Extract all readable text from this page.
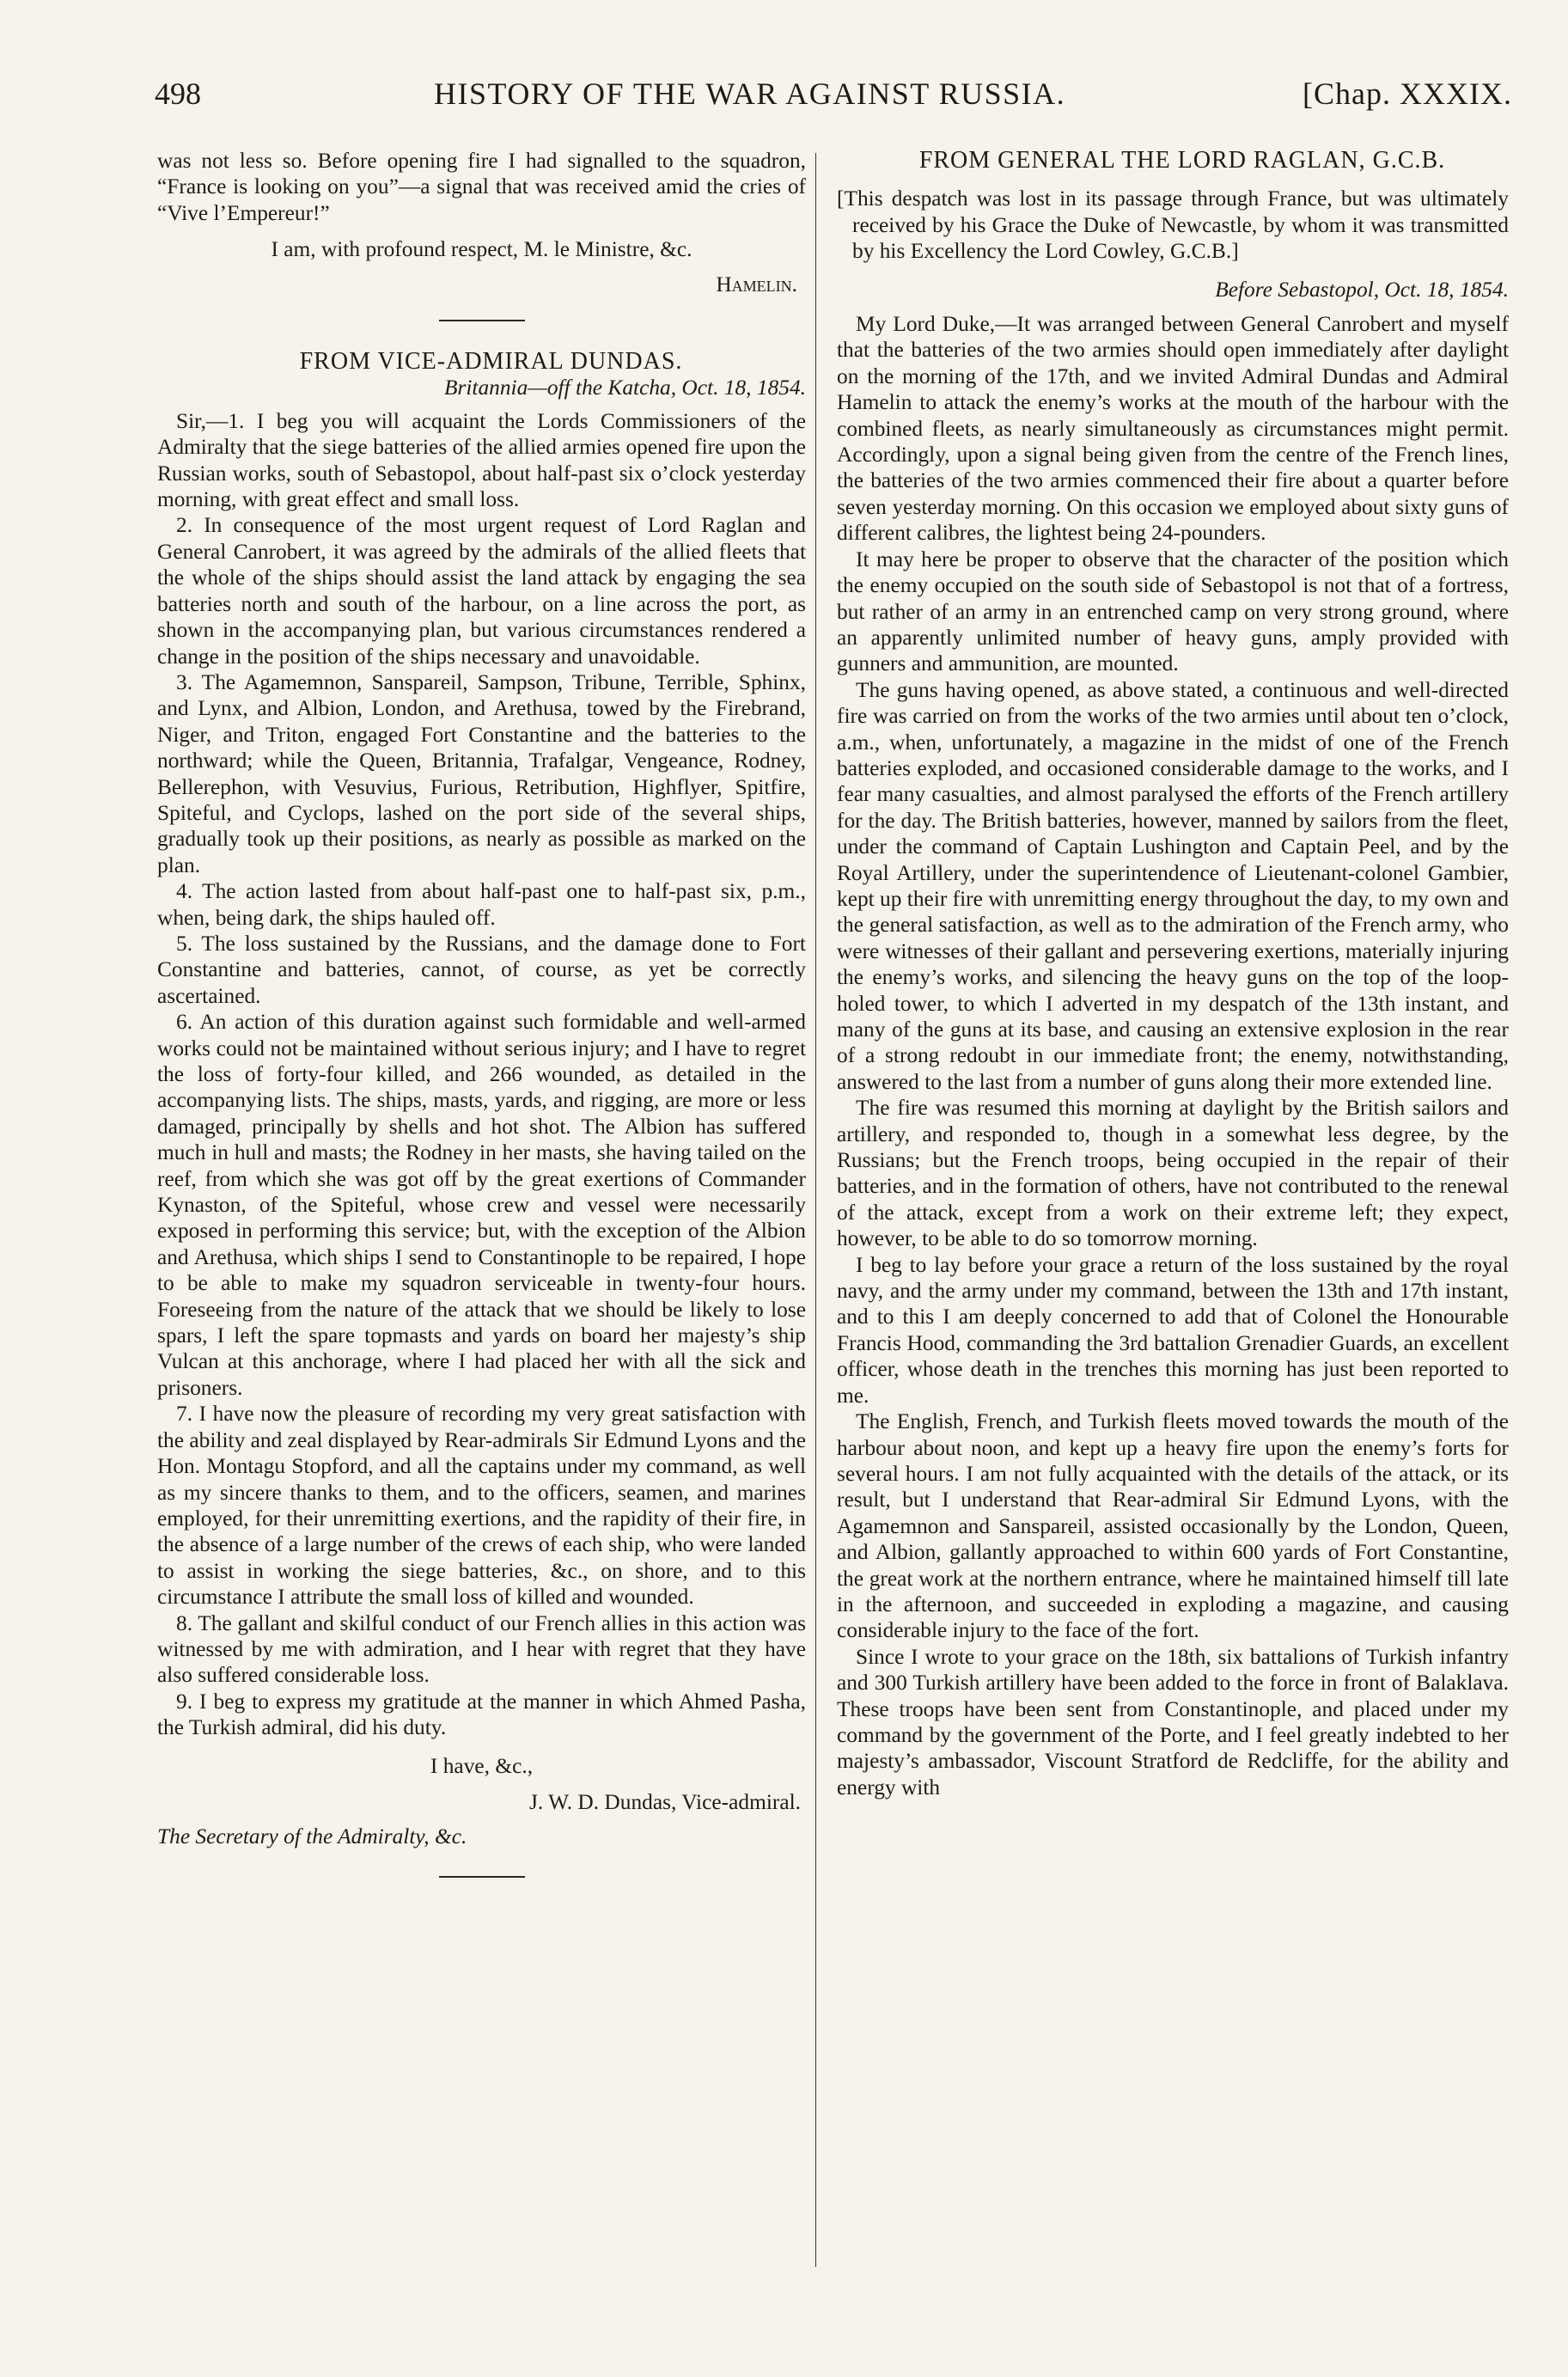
498	HISTORY OF THE WAR AGAINST RUSSIA.	[Chap. XXXIX.

was not less so. Before opening fire I had signalled to the squadron, “France is looking on you”—a signal that was received amid the cries of “Vive l’Empereur!”

I am, with profound respect, M. le Ministre, &c.

Hamelin.

FROM VICE-ADMIRAL DUNDAS.

Britannia—off the Katcha, Oct. 18, 1854.

Sir,—1. I beg you will acquaint the Lords Commissioners of the Admiralty that the siege batteries of the allied armies opened fire upon the Russian works, south of Sebastopol, about half-past six o’clock yesterday morning, with great effect and small loss.

2. In consequence of the most urgent request of Lord Raglan and General Canrobert, it was agreed by the admirals of the allied fleets that the whole of the ships should assist the land attack by engaging the sea batteries north and south of the harbour, on a line across the port, as shown in the accompanying plan, but various circumstances rendered a change in the position of the ships necessary and unavoidable.

3. The Agamemnon, Sanspareil, Sampson, Tribune, Terrible, Sphinx, and Lynx, and Albion, London, and Arethusa, towed by the Firebrand, Niger, and Triton, engaged Fort Constantine and the batteries to the northward; while the Queen, Britannia, Trafalgar, Vengeance, Rodney, Bellerephon, with Vesuvius, Furious, Retribution, Highflyer, Spitfire, Spiteful, and Cyclops, lashed on the port side of the several ships, gradually took up their positions, as nearly as possible as marked on the plan.

4. The action lasted from about half-past one to half-past six, p.m., when, being dark, the ships hauled off.

5. The loss sustained by the Russians, and the damage done to Fort Constantine and batteries, cannot, of course, as yet be correctly ascertained.

6. An action of this duration against such formidable and well-armed works could not be maintained without serious injury; and I have to regret the loss of forty-four killed, and 266 wounded, as detailed in the accompanying lists. The ships, masts, yards, and rigging, are more or less damaged, principally by shells and hot shot. The Albion has suffered much in hull and masts; the Rodney in her masts, she having tailed on the reef, from which she was got off by the great exertions of Commander Kynaston, of the Spiteful, whose crew and vessel were necessarily exposed in performing this service; but, with the exception of the Albion and Arethusa, which ships I send to Constantinople to be repaired, I hope to be able to make my squadron serviceable in twenty-four hours. Foreseeing from the nature of the attack that we should be likely to lose spars, I left the spare topmasts and yards on board her majesty’s ship Vulcan at this anchorage, where I had placed her with all the sick and prisoners.

7. I have now the pleasure of recording my very great satisfaction with the ability and zeal displayed by Rear-admirals Sir Edmund Lyons and the Hon. Montagu Stopford, and all the captains under my command, as well as my sincere thanks to them, and to the officers, seamen, and marines employed, for their unremitting exertions, and the rapidity of their fire, in the absence of a large number of the crews of each ship, who were landed to assist in working the siege batteries, &c., on shore, and to this circumstance I attribute the small loss of killed and wounded.

8. The gallant and skilful conduct of our French allies in this action was witnessed by me with admiration, and I hear with regret that they have also suffered considerable loss.

9. I beg to express my gratitude at the manner in which Ahmed Pasha, the Turkish admiral, did his duty.

I have, &c.,

J. W. D. Dundas, Vice-admiral.

The Secretary of the Admiralty, &c.

FROM GENERAL THE LORD RAGLAN, G.C.B.

[This despatch was lost in its passage through France, but was ultimately received by his Grace the Duke of Newcastle, by whom it was transmitted by his Excellency the Lord Cowley, G.C.B.]

Before Sebastopol, Oct. 18, 1854.

My Lord Duke,—It was arranged between General Canrobert and myself that the batteries of the two armies should open immediately after daylight on the morning of the 17th, and we invited Admiral Dundas and Admiral Hamelin to attack the enemy’s works at the mouth of the harbour with the combined fleets, as nearly simultaneously as circumstances might permit. Accordingly, upon a signal being given from the centre of the French lines, the batteries of the two armies commenced their fire about a quarter before seven yesterday morning. On this occasion we employed about sixty guns of different calibres, the lightest being 24-pounders.

It may here be proper to observe that the character of the position which the enemy occupied on the south side of Sebastopol is not that of a fortress, but rather of an army in an entrenched camp on very strong ground, where an apparently unlimited number of heavy guns, amply provided with gunners and ammunition, are mounted.

The guns having opened, as above stated, a continuous and well-directed fire was carried on from the works of the two armies until about ten o’clock, a.m., when, unfortunately, a magazine in the midst of one of the French batteries exploded, and occasioned considerable damage to the works, and I fear many casualties, and almost paralysed the efforts of the French artillery for the day. The British batteries, however, manned by sailors from the fleet, under the command of Captain Lushington and Captain Peel, and by the Royal Artillery, under the superintendence of Lieutenant-colonel Gambier, kept up their fire with unremitting energy throughout the day, to my own and the general satisfaction, as well as to the admiration of the French army, who were witnesses of their gallant and persevering exertions, materially injuring the enemy’s works, and silencing the heavy guns on the top of the loop-holed tower, to which I adverted in my despatch of the 13th instant, and many of the guns at its base, and causing an extensive explosion in the rear of a strong redoubt in our immediate front; the enemy, notwithstanding, answered to the last from a number of guns along their more extended line.

The fire was resumed this morning at daylight by the British sailors and artillery, and responded to, though in a somewhat less degree, by the Russians; but the French troops, being occupied in the repair of their batteries, and in the formation of others, have not contributed to the renewal of the attack, except from a work on their extreme left; they expect, however, to be able to do so tomorrow morning.

I beg to lay before your grace a return of the loss sustained by the royal navy, and the army under my command, between the 13th and 17th instant, and to this I am deeply concerned to add that of Colonel the Honourable Francis Hood, commanding the 3rd battalion Grenadier Guards, an excellent officer, whose death in the trenches this morning has just been reported to me.

The English, French, and Turkish fleets moved towards the mouth of the harbour about noon, and kept up a heavy fire upon the enemy’s forts for several hours. I am not fully acquainted with the details of the attack, or its result, but I understand that Rear-admiral Sir Edmund Lyons, with the Agamemnon and Sanspareil, assisted occasionally by the London, Queen, and Albion, gallantly approached to within 600 yards of Fort Constantine, the great work at the northern entrance, where he maintained himself till late in the afternoon, and succeeded in exploding a magazine, and causing considerable injury to the face of the fort.

Since I wrote to your grace on the 18th, six battalions of Turkish infantry and 300 Turkish artillery have been added to the force in front of Balaklava. These troops have been sent from Constantinople, and placed under my command by the government of the Porte, and I feel greatly indebted to her majesty’s ambassador, Viscount Stratford de Redcliffe, for the ability and energy with
